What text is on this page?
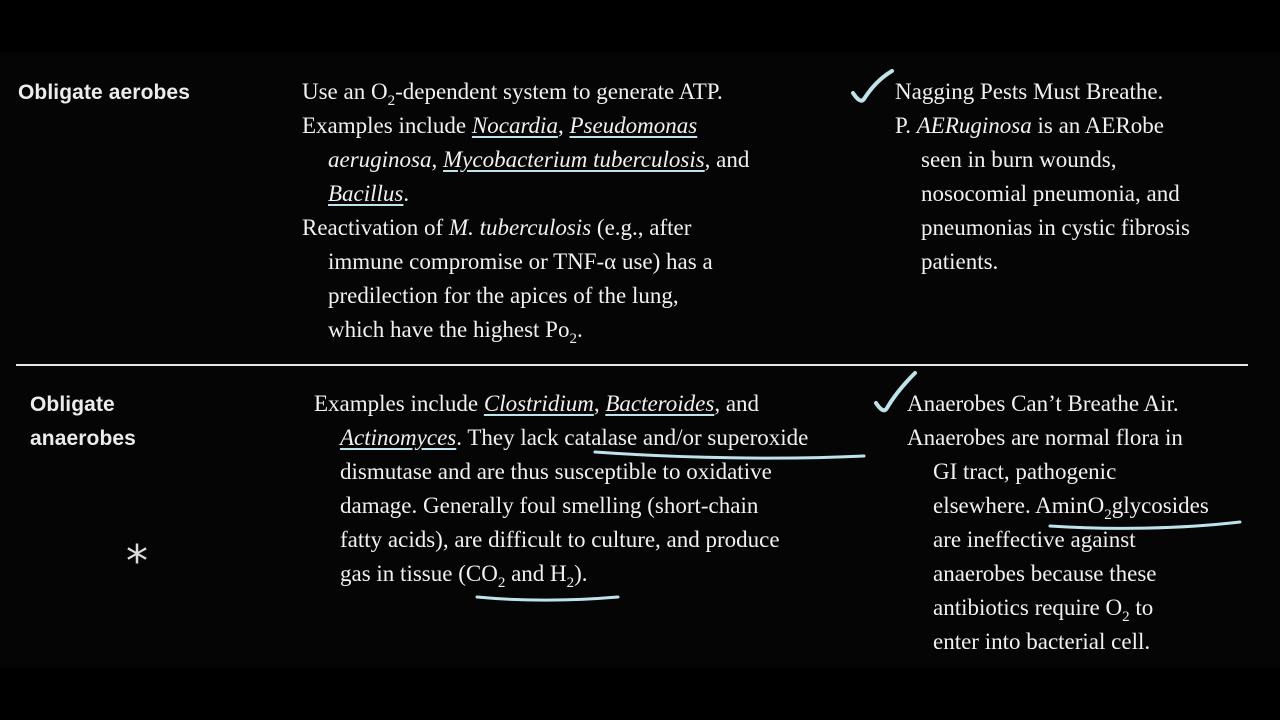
Obligate aerobes	Use an $O_2$-dependent system to generate ATP.
Examples include Nocardia, Pseudomonas
aeruginosa, Mycobacterium tuberculosis, and
Bacillus.
Reactivation of M. tuberculosis (e.g., after
immune compromise or TNF-α use) has a
predilection for the apices of the lung,
which have the highest $Po_2$.
Nagging Pests Must Breathe.
P. AERuginosa is an AERobe
seen in burn wounds,
nosocomial pneumonia, and
pneumonias in cystic fibrosis
patients.
Obligate
anaerobes
*
Examples include Clostridium, Bacteroides, and
Actinomyces. They lack catalase and/or superoxide
dismutase and are thus susceptible to oxidative
damage. Generally foul smelling (short-chain
fatty acids), are difficult to culture, and produce
gas in tissue ($CO_2$ and $H_2$).
Anaerobes Can’t Breathe Air.
Anaerobes are normal flora in
GI tract, pathogenic
elsewhere. AminO$_2$glycosides
are ineffective against
anaerobes because these
antibiotics require $O_2$ to
enter into bacterial cell.
